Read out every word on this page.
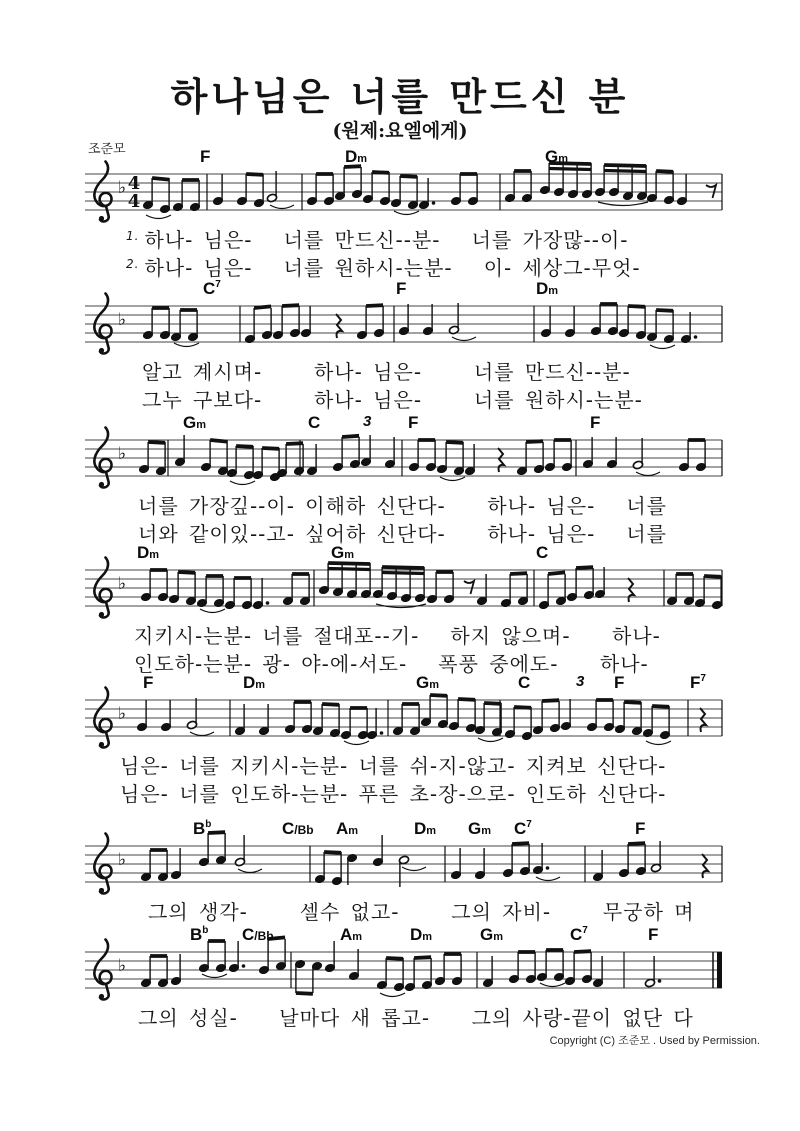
하나님은 너를 만드신 분
(원제:요엘에게)
조준모
♭ 4
4
♭
♭
♭
♭
♭
♭
F	Dm	Gm
$^{1.}$ 하나- 님은-   너를 만드신--분-   너를 가장많--이-
$^{2.}$ 하나- 님은-   너를 원하시-는분-   이- 세상그-무엇-
$C^7$	F	Dm
알고 계시며-     하나- 님은-     너를 만드신--분-
그누 구보다-     하나- 님은-     너를 원하시-는분-
Gm	C	3 F	F
너를 가장깊--이- 이해하 신단다-    하나- 님은-   너를
너와 같이있--고- 싶어하 신단다-    하나- 님은-   너를
Dm	Gm	C
지키시-는분- 너를 절대포--기-   하지 않으며-    하나-
인도하-는분- 광- 야-에-서도-   폭풍 중에도-    하나-
F	Dm	Gm	C	3 F	$F^7$
님은- 너를 지키시-는분- 너를 쉬-지-않고- 지켜보 신단다-
님은- 너를 인도하-는분- 푸른 초-장-으로- 인도하 신단다-
$B^b$	C/Bb Am	Dm Gm $C^7$	F
그의 생각-     셀수 없고-     그의 자비-     무궁하 며
$B^b$ C/Bb	Am	Dm	Gm	$C^7$	F
그의 성실-    날마다 새 롭고-    그의 사랑-끝이 없단 다
Copyright (C) 조준모 . Used by Permission.
